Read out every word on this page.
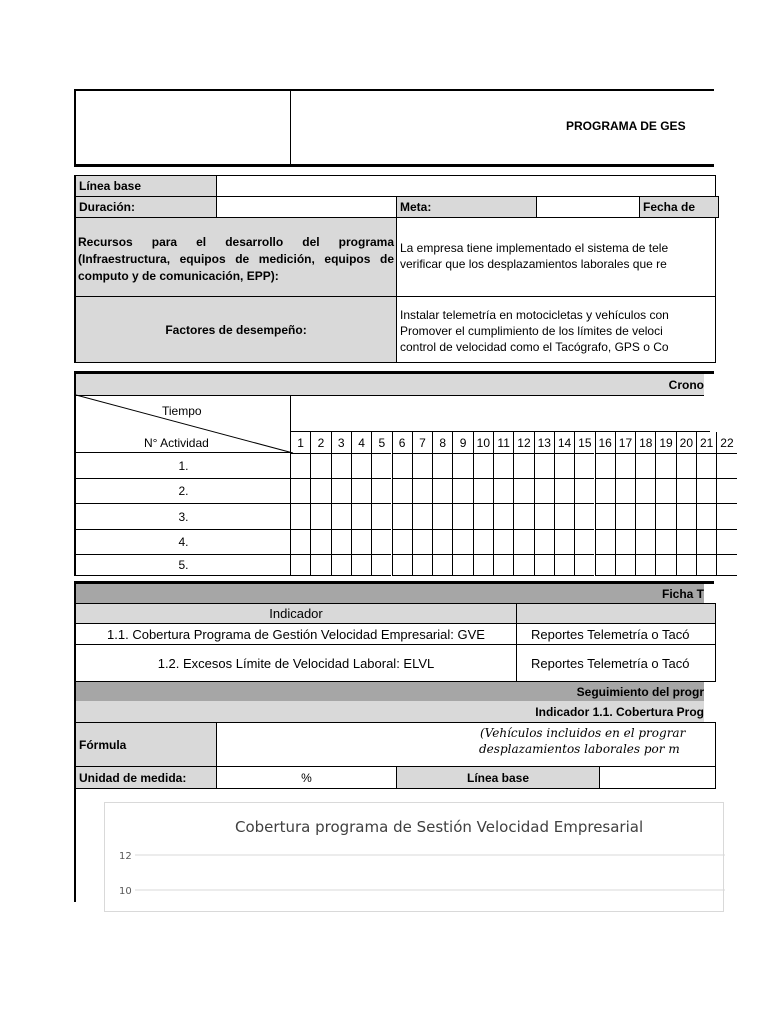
PROGRAMA DE GES
Línea base
Duración:	Meta:	Fecha de
Recursos para el desarrollo del programa (Infraestructura, equipos de medición, equipos de computo y de comunicación, EPP):
La empresa tiene implementado el sistema de tele
verificar que los desplazamientos laborales que re
Factores de desempeño:
Instalar telemetría en motocicletas y vehículos con
Promover el cumplimiento de los límites de veloci
control de velocidad como el Tacógrafo, GPS o Co
Crono
Tiempo
N° Actividad	1	2	3	4	5	6	7	8	9 10 11 12 13 14 15 16 17 18 19 20 21 22
1.
2.
3.
4.
5.
Ficha T
Indicador
1.1. Cobertura Programa de Gestión Velocidad Empresarial: GVE	Reportes Telemetría o Tacó
1.2. Excesos Límite de Velocidad Laboral: ELVL	Reportes Telemetría o Tacó
Seguimiento del progr
Indicador 1.1. Cobertura Prog
Fórmula
(Vehículos incluidos en el prograr
desplazamientos laborales por m
Unidad de medida:	%	Línea base
Cobertura programa de Sestión Velocidad Empresarial
12
10
